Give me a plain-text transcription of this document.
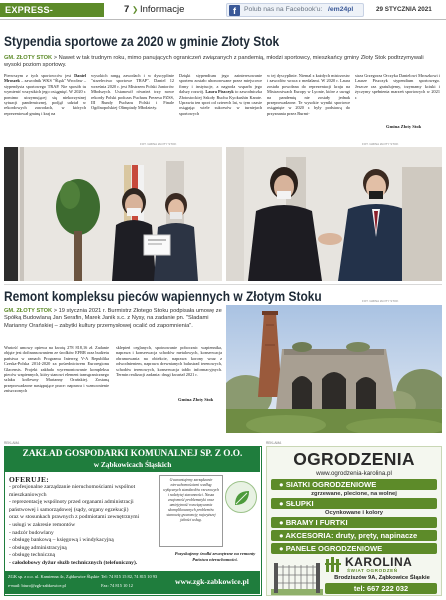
EXPRESS-MIEJSKI.PL
7 ❯ Informacje	f	Polub nas na Facebook'u: /em24pl	29 STYCZNIA 2021
Stypendia sportowe za 2020 w gminie Złoty Stok
GM. ZŁOTY STOK > Nawet w tak trudnym roku, mimo panujących ograniczeń związanych z pandemią, młodzi sportowcy, mieszkańcy gminy Złoty Stok podtrzymywali wysoki poziom sportowy.

Pierwszym z tych sportowców jest Daniel Mroszek – zawodnik WKS "Śląsk" Wrocław – stypendysta sportowego TRAP. Nie sposób tu wymienić wszystkich jego osiągnięć. W 2020 r. pomimo utrzymującej się niekorzystnej sytuacji pandemicznej, podjął udział w rekordowych zawodach, w których reprezentował gminę i kraj na

wysokich rangą zawodach i w dyscyplinie "strzelectwo sportowe TRAP". Daniel 12 września 2020 r. jest Mistrzem Polski Juniorów Młodszych. Ustanowił również trzy nowe rekordy Polski podczas Pucharu Prezesa PZSS, III Rundy Pucharu Polski i Finale Ogólnopolskiej Olimpiady Młodzieży.

Dzięki stypendium jego zainteresowanie sportem zostało uhonorowane przez miejscowe firmy i instytucje, a nagroda wsparła jego dalszy rozwój. Laura Piszczyk to zawodniczka Złotostockiej Szkoły Ruchu Kyokushin Karate. Uprawia ten sport od czterech lat, w tym czasie osiągając wiele sukcesów w turniejach sportowych

w tej dyscyplinie. Niemal z każdych mistrzostw i zawodów wraca z medalami. W 2020 r. Laura została powołana do reprezentacji kraju na Mistrzostwach Europy w Lyonie, które z uwagi na pandemię nie zostały jednak przeprowadzone. Te wysokie wyniki sportowe osiągnięte w 2020 r. były podstawą do przyznania przez Burmi-

strza Grzegorza Orczyka Danielowi Mroszkowi i Laurze Piszczyk stypendium sportowego. Jeszcze raz gratulujemy, trzymamy kciuki i życzymy spełnienia marzeń sportowych w 2021 r.

Gmina Złoty Stok
FOT. GMINA ZŁOTY STOK	FOT. GMINA ZŁOTY STOK
Remont kompleksu pieców wapiennych w Złotym Stoku
GM. ZŁOTY STOK > 19 stycznia 2021 r. Burmistrz Złotego Stoku podpisała umowę ze Spółką Budowlaną Jan Serafin, Marek Janik s.c. z Nysy, na zadanie pn. "Sladami Marianny Orańskiej – zabytki kultury przemysłowej ocalić od zapomnienia".

Wartość umowy opiewa na kwotę 278 818,16 zł. Zadanie objęte jest dofinansowaniem ze środków EFRR oraz budżetu państwa w ramach Programu Interreg V-A Republika Czeska-Polska 2014-2020 za pośrednictwem Euroregionu Glacensis. Projekt zakłada wyremontowanie kompleksu pieców wapiennych, który stanowi element transgranicznego szlaku królewny Marianny Orańskiej. Zostaną przeprowadzone następujące prace: naprawa i wzmocnienie zniszczonych

sklepień ceglanych, spoinowanie poboczniс wapiennika, naprawa i konserwacja schodów metalowych, konserwacja obramowania na obiekcie, naprawa korony wraz z odwodnieniem, naprawa drewnianych balustrad terenowych, schodów terenowych, konserwacja tablic informacyjnych. Termin realizacji zadania: drugi kwartał 2021 r.

Gmina Złoty Stok
FOT. GMINA ZŁOTY STOK
REKLAMA
ZAKŁAD GOSPODARKI KOMUNALNEJ SP. Z O.O.
w Ząbkowicach Śląskich
OFERUJE:
- profesjonalne zarządzanie nieruchomościami wspólnot mieszkaniowych
- reprezentację wspólnoty przed organami administracji państwowej i samorządowej (sądy, organy egzekucji)
oraz w stosunkach prawnych z podmiotami zewnętrznymi
- usługi w zakresie remontów
- nadzór budowlany
- obsługę bankową – księgową i windykacyjną
- obsługę administracyjną
- obsługę techniczną
- całodobowy dyżur służb technicznych (telefoniczny).
Gwarantujemy zarządzanie nieruchomościami według wyłącznych standardów rzeczowych i należytej staranności. Nasza znajomość problematyki oraz umiejętność rozwiązywania skomplikowanych problemów stanowią gwarancję najwyższej jakości usług.
Pozyskujemy środki zewnętrzne na remonty Państwa nieruchomości.
ZGK sp. z o.o. ul. Kamienna 4c, Ząbkowice Śląskie
e-mail: biuro@zgk-zabkowice.pl
Tel: 74 815 15 82, 74 815 10 93
Fax: 74 815 10 12	www.zgk-zabkowice.pl
REKLAMA
OGRODZENIA
www.ogrodzenia-karolina.pl
● SIATKI OGRODZENIOWE
zgrzewane, plecione, na wolnej
● SŁUPKI
Ocynkowane i kolory
● BRAMY I FURTKI
● AKCESORIA: druty, pręty, napinacze
● PANELE OGRODZENIOWE
KAROLINA
ŚWIAT OGRODZEŃ
Brodziszów 9A, Ząbkowice Śląskie
tel: 667 222 032
